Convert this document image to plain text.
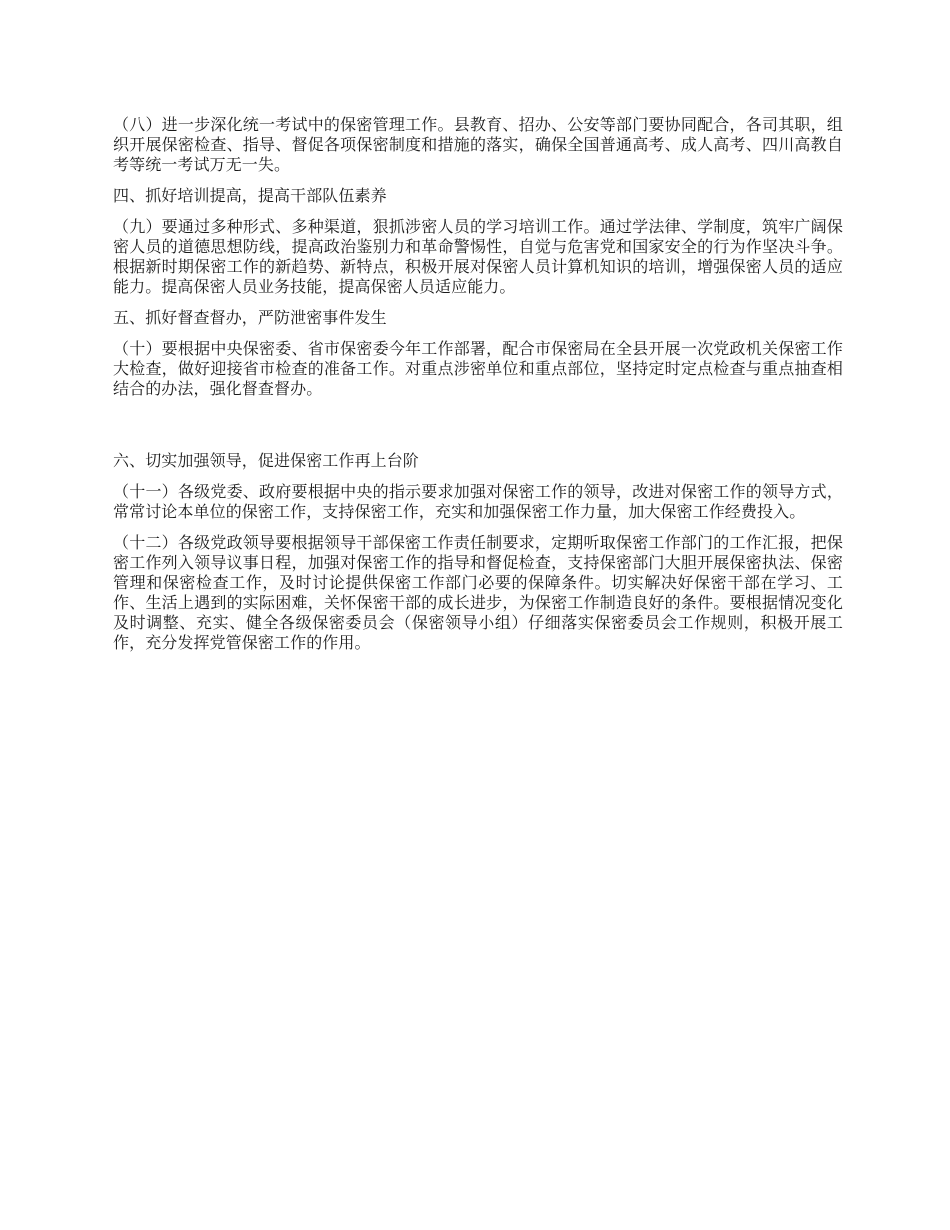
（八）进一步深化统一考试中的保密管理工作。县教育、招办、公安等部门要协同配合，各司其职，组织开展保密检查、指导、督促各项保密制度和措施的落实，确保全国普通高考、成人高考、四川高教自考等统一考试万无一失。

四、抓好培训提高，提高干部队伍素养

（九）要通过多种形式、多种渠道，狠抓涉密人员的学习培训工作。通过学法律、学制度，筑牢广阔保密人员的道德思想防线，提高政治鉴别力和革命警惕性，自觉与危害党和国家安全的行为作坚决斗争。根据新时期保密工作的新趋势、新特点，积极开展对保密人员计算机知识的培训，增强保密人员的适应能力。提高保密人员业务技能，提高保密人员适应能力。

五、抓好督查督办，严防泄密事件发生

（十）要根据中央保密委、省市保密委今年工作部署，配合市保密局在全县开展一次党政机关保密工作大检查，做好迎接省市检查的准备工作。对重点涉密单位和重点部位，坚持定时定点检查与重点抽查相结合的办法，强化督查督办。

六、切实加强领导，促进保密工作再上台阶

（十一）各级党委、政府要根据中央的指示要求加强对保密工作的领导，改进对保密工作的领导方式，常常讨论本单位的保密工作，支持保密工作，充实和加强保密工作力量，加大保密工作经费投入。

（十二）各级党政领导要根据领导干部保密工作责任制要求，定期听取保密工作部门的工作汇报，把保密工作列入领导议事日程，加强对保密工作的指导和督促检查，支持保密部门大胆开展保密执法、保密管理和保密检查工作，及时讨论提供保密工作部门必要的保障条件。切实解决好保密干部在学习、工作、生活上遇到的实际困难，关怀保密干部的成长进步，为保密工作制造良好的条件。要根据情况变化及时调整、充实、健全各级保密委员会（保密领导小组）仔细落实保密委员会工作规则，积极开展工作，充分发挥党管保密工作的作用。
